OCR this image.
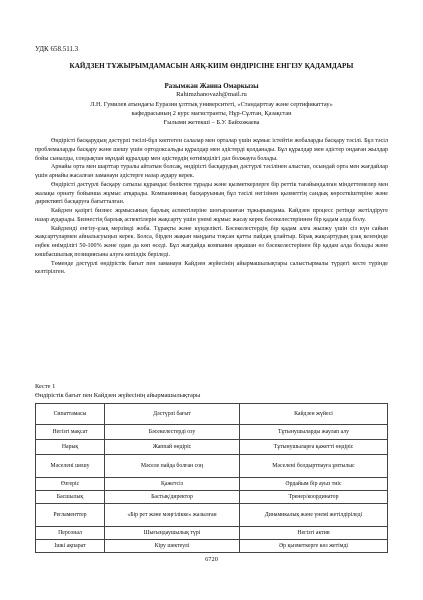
УДК 658.511.3
КАЙДЗЕН ТҰЖЫРЫМДАМАСЫН АЯҚ-КИІМ ӨНДІРІСІНЕ ЕНГІЗУ ҚАДАМДАРЫ
Разымжан Жанна Омаркызы
Rahimzhanovazh@mail.ru
Л.Н. Гумилев атындағы Еуразия ұлттық университеті, «Стандарттау және сертификаттау»
кафедрасының 2 курс магистранты, Нұр-Сұлтан, Қазақстан
Ғылыми жетекші – Б.У. Байхожаева

Өндірісті басқарудың дәстүрлі тәсілі-бұл көптеген салалар мен орталар үшін жұмыс істейтін жобаларды басқару тәсілі. Бұл тәсіл проблемаларды басқару және шешу үшін ортодоксальды құралдар мен әдістерді қолданады. Бұл құралдар мен әдістер ондаған жылдар бойы сыналды, сондықтан мұндай құралдар мен әдістердің өзтиімділігі дәл болжауға болады.

Арнайы орта мен шарттар туралы айтатын болсақ, өндірісті басқарудың дәстүрлі тәсілінен алыстап, осындай орта мен жағдайлар үшін арнайы жасалған заманауи әдістерге назар аудару керек.

Өндірісті дәстүрлі басқару сатылы құрамдас бөліктен тұрады және қызметкерлерге бір реттік тағайындалған міндеттемелер мен жалақы орнату бойынша жұмыс атқарады. Компанияның басқаруының бұл тәсілі негізінен қызметтің сандық көрсеткіштеріне және директивті басқаруға бағытталған.

Кайдзен қазіргі бизнес жұмысының барлық аспектілеріне шоғырланған тұжырымдама. Кайдзен процесс ретінде жетілдіруге назар аударады. Бизнестің барлық аспектілерін жақсарту үшін үнемі жұмыс жасау керек бәсекелестеріннен бір қадам алда болу.

Кайдзенді енгізу-ұзақ мерзімді жоба. Тұрақты және күнделікті. Бәсекелестердің бір қадам алға жылжу үшін сіз күн сайын жақсартулармен айналысуыңыз керек. Болса, бірден жақын маңдағы тоқсан қатты пайдаң ұлайтыр. Бірақ жақсартудың ұзақ кезеңінде еңбек өнімділігі 50-100% және одан да көп өседі. Бұл жағдайда компания әрқашан өз бәсекелестерінен бір қадам алда болады және көшбасшылық позициясына алуға кепілдік беріледі.

Төменде дәстүрлі өндірістік бағыт пен заманауи Кайдзен жүйесінің айырмашылықтары салыстырмалы түрдегі кесте түрінде келтірілген.

Кесте 1
Өндірістік бағыт пен Кайдзен жүйесінің айырмашылықтары
Сипаттамасы	Дәстүрлі бағыт	Кайдзен жүйесі
Негізгі мақсат	Бәсекелестерді озу	Тұтынушыларды жаулап алу
Нарық	Жаппай өндіріс	Тұтынушыларға қажетті өндіріс
Мәселені шешу	Мәселе пайда болған соң	Мәселені болдыртпауға ұмтылыс
Өзгеріс	Қажетсіз	Әрдайым бір ауыз тиіс
Басшылық	Бастық/директор	Тренер/координатор
Регламенттер	«Бір рет және мәңгілікке» жазылған	Динамикалық және үнемі жетілдіріледі
Персонал	Шығындаушылық түрі	Негізгі актив
Ішкі ақпарат	Кіру шектеулі	Әр қызметкерге көз жетімді
6720
